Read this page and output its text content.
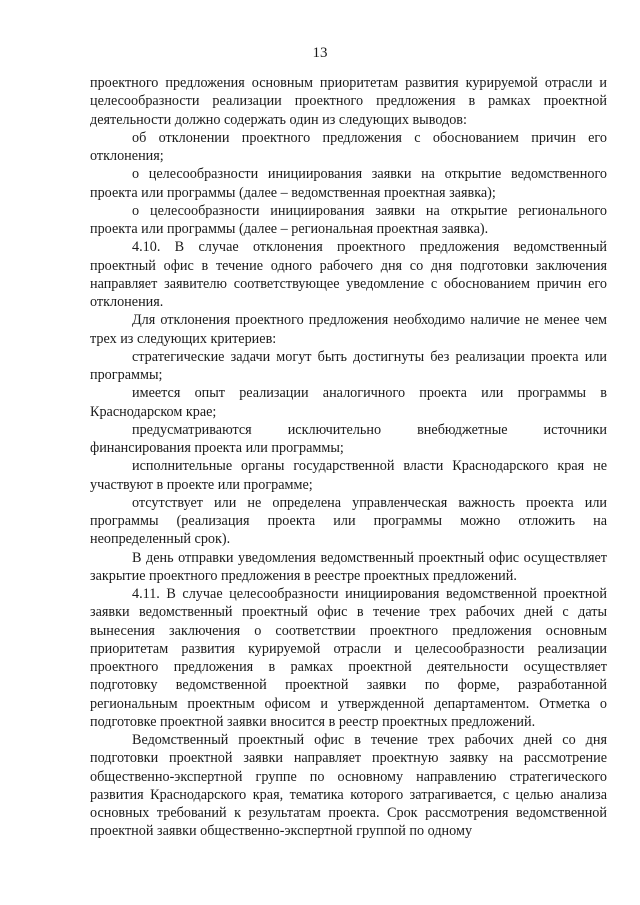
13

проектного предложения основным приоритетам развития курируемой отрасли и целесообразности реализации проектного предложения в рамках проектной деятельности должно содержать один из следующих выводов:

об отклонении проектного предложения с обоснованием причин его отклонения;

о целесообразности инициирования заявки на открытие ведомственного проекта или программы (далее – ведомственная проектная заявка);

о целесообразности инициирования заявки на открытие регионального проекта или программы (далее – региональная проектная заявка).

4.10. В случае отклонения проектного предложения ведомственный проектный офис в течение одного рабочего дня со дня подготовки заключения направляет заявителю соответствующее уведомление с обоснованием причин его отклонения.

Для отклонения проектного предложения необходимо наличие не менее чем трех из следующих критериев:

стратегические задачи могут быть достигнуты без реализации проекта или программы;

имеется опыт реализации аналогичного проекта или программы в Краснодарском крае;

предусматриваются исключительно внебюджетные источники финансирования проекта или программы;

исполнительные органы государственной власти Краснодарского края не участвуют в проекте или программе;

отсутствует или не определена управленческая важность проекта или программы (реализация проекта или программы можно отложить на неопределенный срок).

В день отправки уведомления ведомственный проектный офис осуществляет закрытие проектного предложения в реестре проектных предложений.

4.11. В случае целесообразности инициирования ведомственной проектной заявки ведомственный проектный офис в течение трех рабочих дней с даты вынесения заключения о соответствии проектного предложения основным приоритетам развития курируемой отрасли и целесообразности реализации проектного предложения в рамках проектной деятельности осуществляет подготовку ведомственной проектной заявки по форме, разработанной региональным проектным офисом и утвержденной департаментом. Отметка о подготовке проектной заявки вносится в реестр проектных предложений.

Ведомственный проектный офис в течение трех рабочих дней со дня подготовки проектной заявки направляет проектную заявку на рассмотрение общественно-экспертной группе по основному направлению стратегического развития Краснодарского края, тематика которого затрагивается, с целью анализа основных требований к результатам проекта. Срок рассмотрения ведомственной проектной заявки общественно-экспертной группой по одному
